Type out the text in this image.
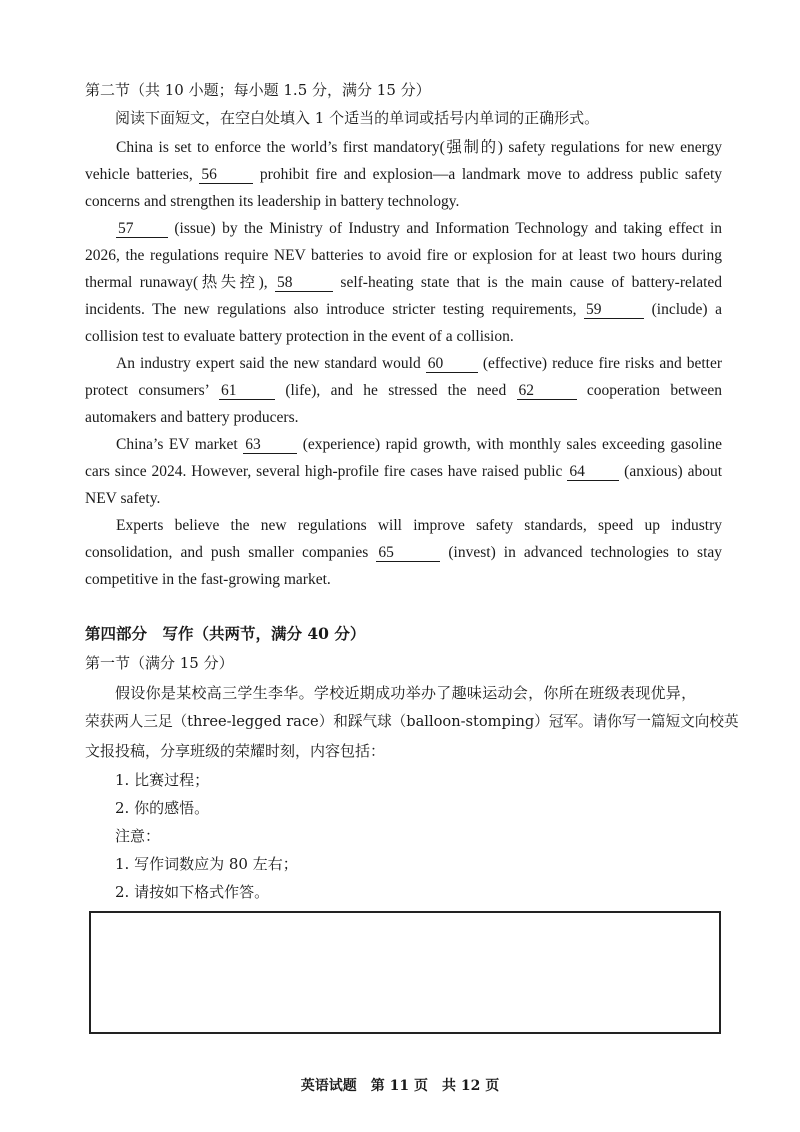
第二节（共 10 小题；每小题 1.5 分，满分 15 分）
阅读下面短文，在空白处填入 1 个适当的单词或括号内单词的正确形式。
China is set to enforce the world’s first mandatory(强制的) safety regulations for new energy
vehicle batteries, 56	prohibit fire and explosion—a landmark move to address public safety
concerns and strengthen its leadership in battery technology.
57	(issue) by the Ministry of Industry and Information Technology and taking effect in
2026, the regulations require NEV batteries to avoid fire or explosion for at least two hours during
thermal runaway(热失控), 58	self-heating state that is the main cause of battery-related
incidents. The new regulations also introduce stricter testing requirements, 59	(include) a
collision test to evaluate battery protection in the event of a collision.
An industry expert said the new standard would 60	(effective) reduce fire risks and better
protect consumers’ 61	(life), and he stressed the need 62	cooperation between
automakers and battery producers.
China’s EV market 63	(experience) rapid growth, with monthly sales exceeding gasoline
cars since 2024. However, several high-profile fire cases have raised public 64	(anxious) about
NEV safety.
Experts believe the new regulations will improve safety standards, speed up industry
consolidation, and push smaller companies 65	(invest) in advanced technologies to stay
competitive in the fast-growing market.
第四部分　写作（共两节，满分 40 分）
第一节（满分 15 分）
假设你是某校高三学生李华。学校近期成功举办了趣味运动会，你所在班级表现优异，
荣获两人三足（three-legged race）和踩气球（balloon-stomping）冠军。请你写一篇短文向校英
文报投稿，分享班级的荣耀时刻，内容包括：
1. 比赛过程；
2. 你的感悟。
注意：
1. 写作词数应为 80 左右；
2. 请按如下格式作答。
英语试题　第 11 页　共 12 页
